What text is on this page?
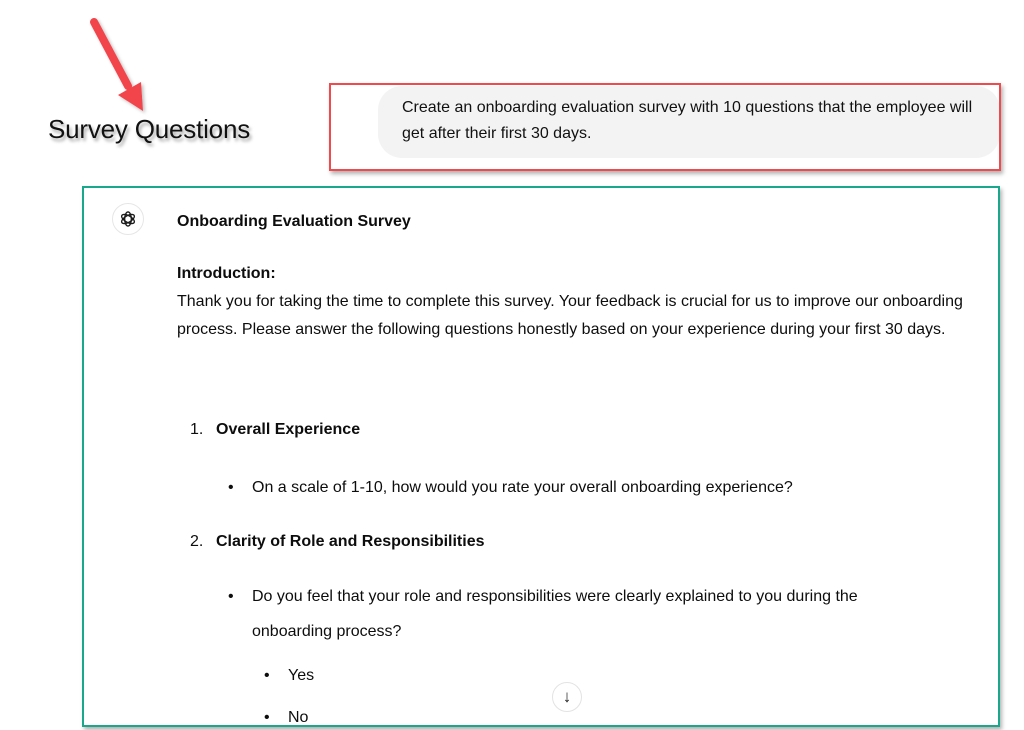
Survey Questions
Create an onboarding evaluation survey with 10 questions that the employee will get after their first 30 days.
Onboarding Evaluation Survey
Introduction:
Thank you for taking the time to complete this survey. Your feedback is crucial for us to improve our onboarding process. Please answer the following questions honestly based on your experience during your first 30 days.
1. Overall Experience
• On a scale of 1-10, how would you rate your overall onboarding experience?
2. Clarity of Role and Responsibilities
• Do you feel that your role and responsibilities were clearly explained to you during the
onboarding process?
• Yes
• No
↓
